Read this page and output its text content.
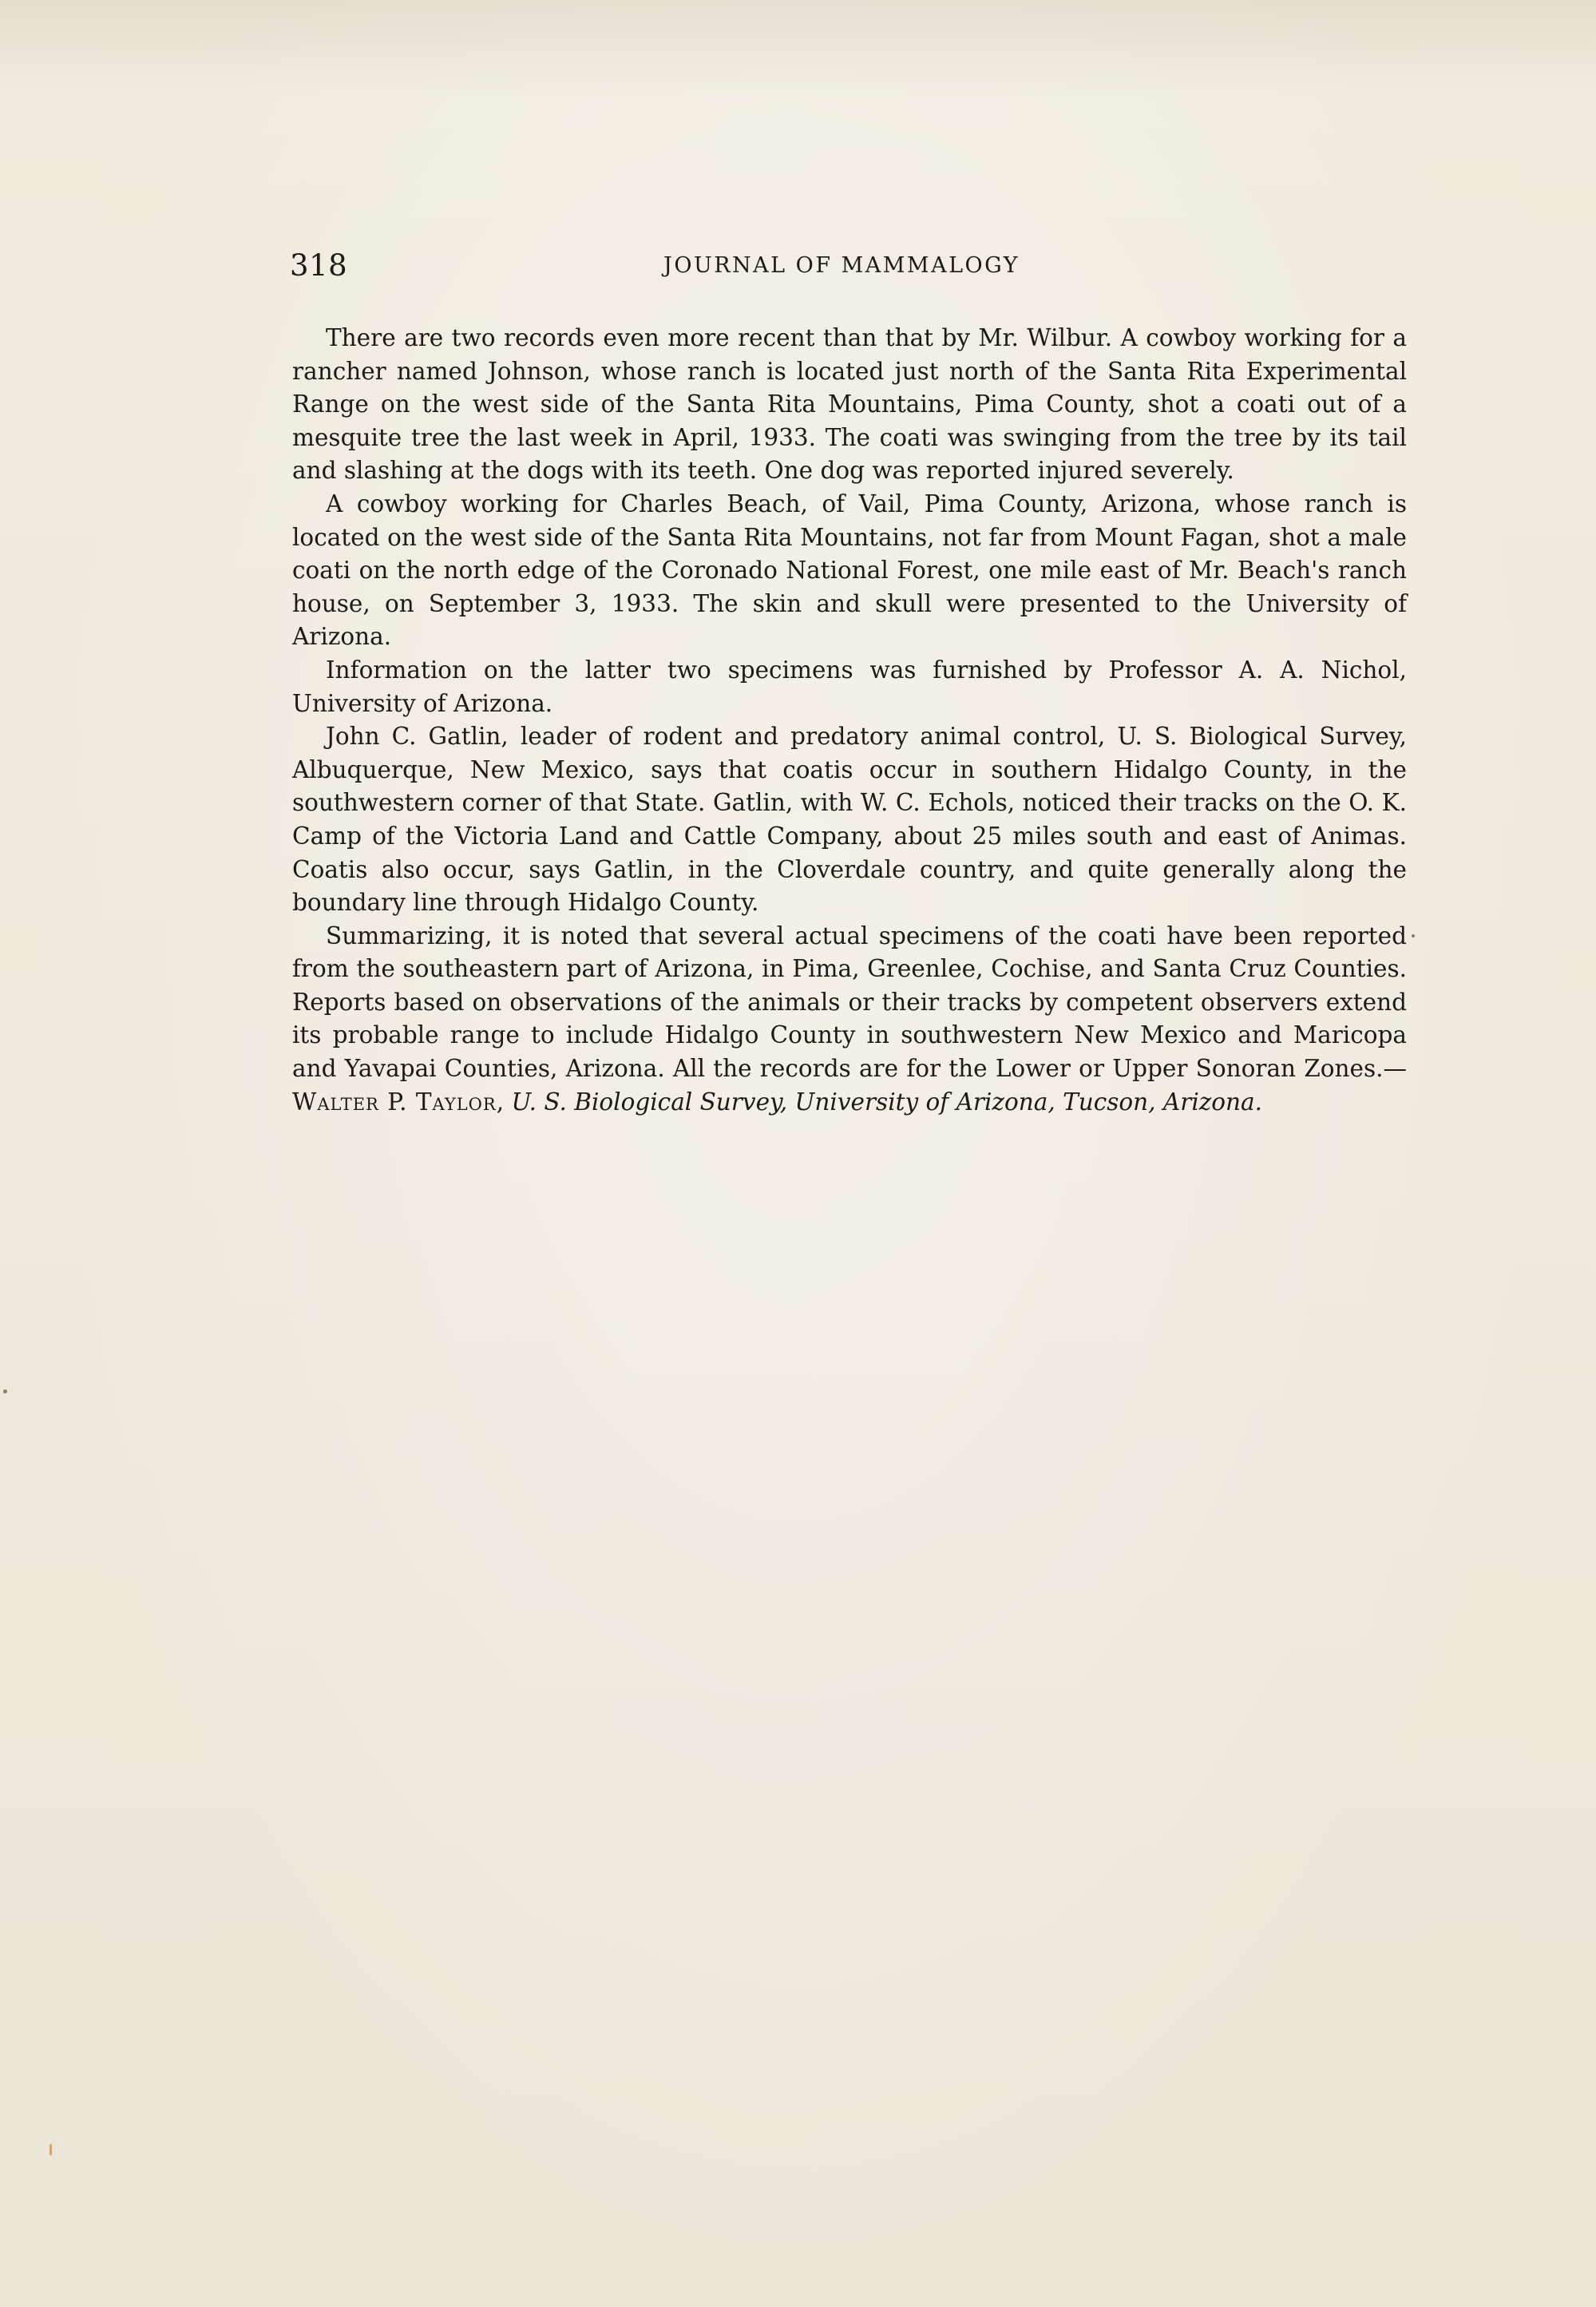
318	JOURNAL OF MAMMALOGY

There are two records even more recent than that by Mr. Wilbur. A cowboy working for a rancher named Johnson, whose ranch is located just north of the Santa Rita Experimental Range on the west side of the Santa Rita Mountains, Pima County, shot a coati out of a mesquite tree the last week in April, 1933. The coati was swinging from the tree by its tail and slashing at the dogs with its teeth. One dog was reported injured severely.

A cowboy working for Charles Beach, of Vail, Pima County, Arizona, whose ranch is located on the west side of the Santa Rita Mountains, not far from Mount Fagan, shot a male coati on the north edge of the Coronado National Forest, one mile east of Mr. Beach's ranch house, on September 3, 1933. The skin and skull were presented to the University of Arizona.

Information on the latter two specimens was furnished by Professor A. A. Nichol, University of Arizona.

John C. Gatlin, leader of rodent and predatory animal control, U. S. Biological Survey, Albuquerque, New Mexico, says that coatis occur in southern Hidalgo County, in the southwestern corner of that State. Gatlin, with W. C. Echols, noticed their tracks on the O. K. Camp of the Victoria Land and Cattle Company, about 25 miles south and east of Animas. Coatis also occur, says Gatlin, in the Cloverdale country, and quite generally along the boundary line through Hidalgo County.

Summarizing, it is noted that several actual specimens of the coati have been reported from the southeastern part of Arizona, in Pima, Greenlee, Cochise, and Santa Cruz Counties. Reports based on observations of the animals or their tracks by competent observers extend its probable range to include Hidalgo County in southwestern New Mexico and Maricopa and Yavapai Counties, Arizona. All the records are for the Lower or Upper Sonoran Zones.—Walter P. Taylor, U. S. Biological Survey, University of Arizona, Tucson, Arizona.
